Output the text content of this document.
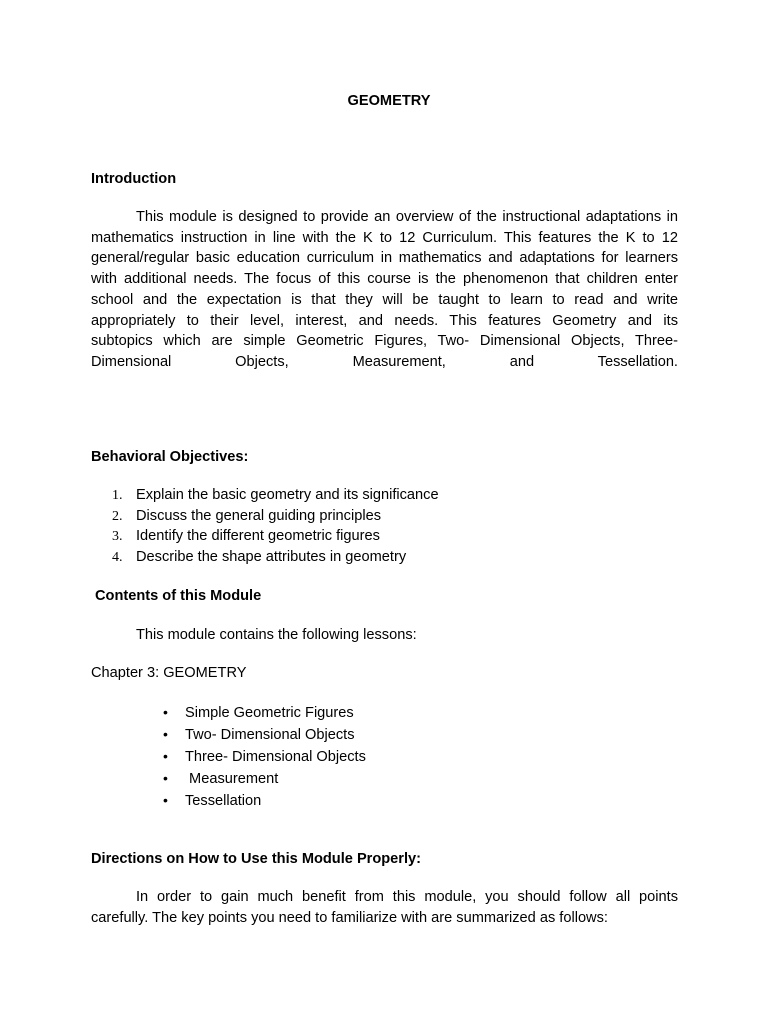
GEOMETRY
Introduction
This module is designed to provide an overview of the instructional adaptations in
mathematics instruction in line with the K to 12 Curriculum. This features the K to 12
general/regular basic education curriculum in mathematics and adaptations for learners
with additional needs. The focus of this course is the phenomenon that children enter
school and the expectation is that they will be taught to learn to read and write
appropriately to their level, interest, and needs. This features Geometry and its
subtopics which are simple Geometric Figures, Two- Dimensional Objects, Three-
Dimensional Objects, Measurement, and Tessellation.
Behavioral Objectives:
1. Explain the basic geometry and its significance
2. Discuss the general guiding principles
3. Identify the different geometric figures
4. Describe the shape attributes in geometry
Contents of this Module
This module contains the following lessons:
Chapter 3: GEOMETRY
• Simple Geometric Figures
• Two- Dimensional Objects
• Three- Dimensional Objects
• Measurement
• Tessellation
Directions on How to Use this Module Properly:
In order to gain much benefit from this module, you should follow all points
carefully. The key points you need to familiarize with are summarized as follows:
